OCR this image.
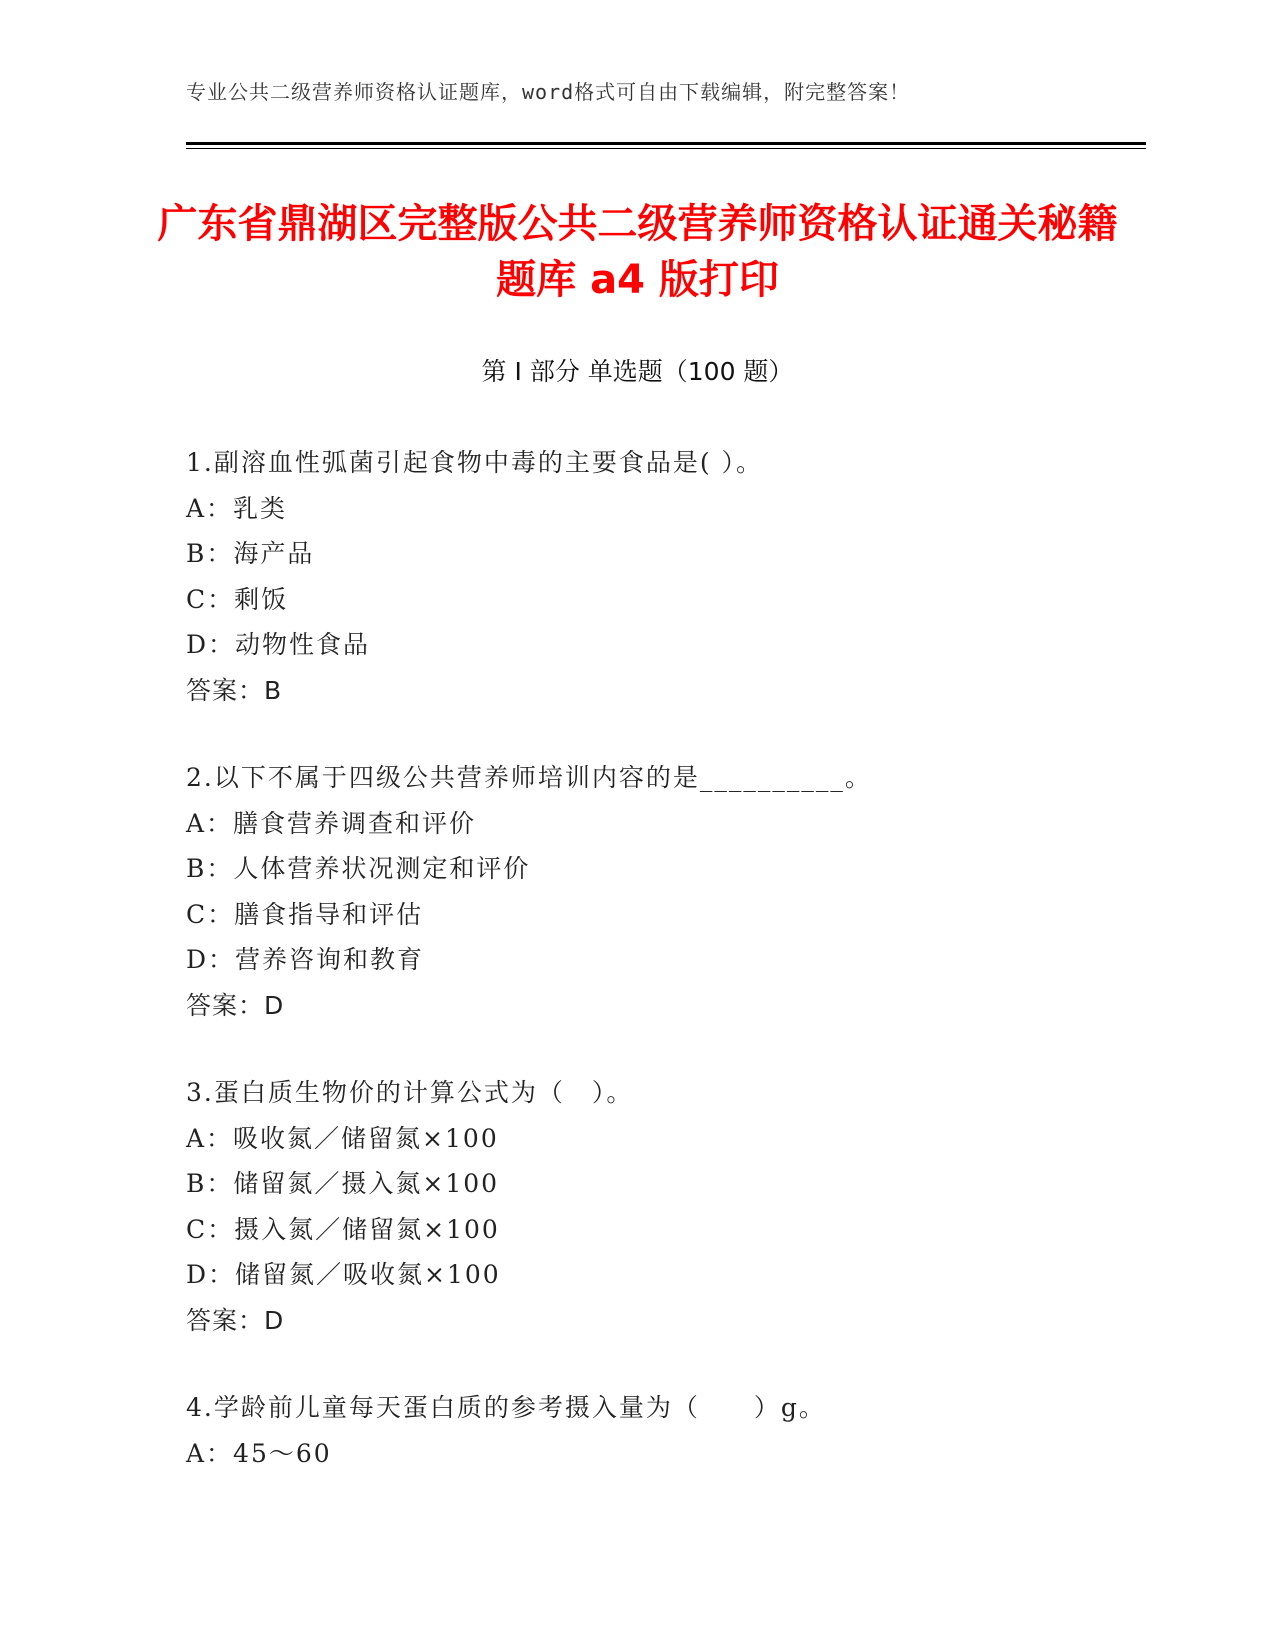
专业公共二级营养师资格认证题库，word格式可自由下载编辑，附完整答案！
广东省鼎湖区完整版公共二级营养师资格认证通关秘籍题库 a4 版打印
第 I 部分 单选题（100 题）
1.副溶血性弧菌引起食物中毒的主要食品是( ）。
A：乳类
B：海产品
C：剩饭
D：动物性食品
答案：B
2.以下不属于四级公共营养师培训内容的是__________。
A：膳食营养调查和评价
B：人体营养状况测定和评价
C：膳食指导和评估
D：营养咨询和教育
答案：D
3.蛋白质生物价的计算公式为（　）。
A：吸收氮／储留氮×100
B：储留氮／摄入氮×100
C：摄入氮／储留氮×100
D：储留氮／吸收氮×100
答案：D
4.学龄前儿童每天蛋白质的参考摄入量为（　　）g。
A：45～60
